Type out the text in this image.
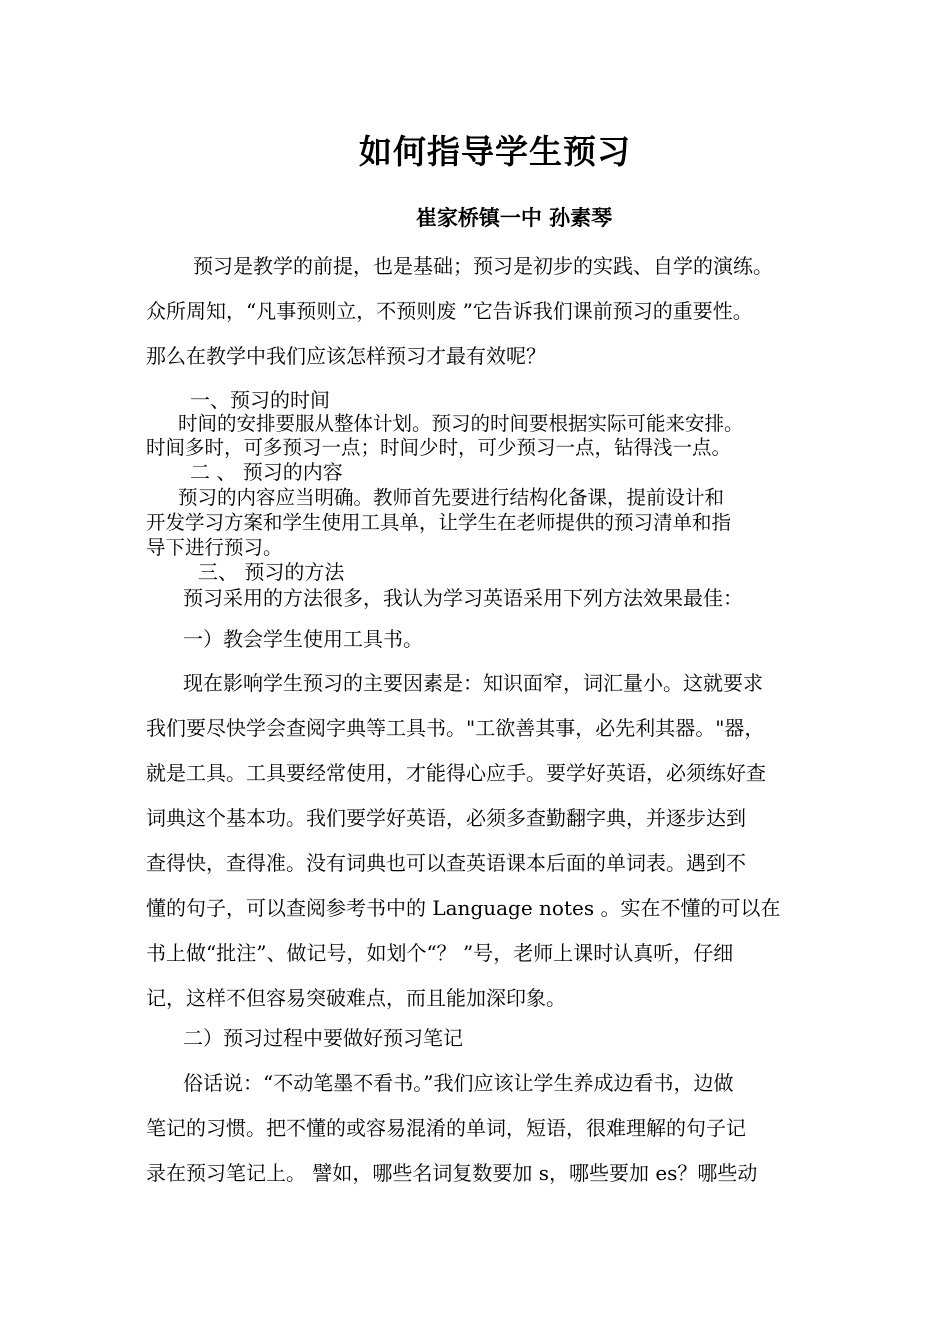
如何指导学生预习
崔家桥镇一中 孙素琴
预习是教学的前提，也是基础；预习是初步的实践、自学的演练。
众所周知，“凡事预则立，不预则废 ”它告诉我们课前预习的重要性。
那么在教学中我们应该怎样预习才最有效呢？
一、预习的时间
时间的安排要服从整体计划。预习的时间要根据实际可能来安排。
时间多时，可多预习一点；时间少时，可少预习一点，钻得浅一点。
二 、 预习的内容
预习的内容应当明确。教师首先要进行结构化备课，提前设计和
开发学习方案和学生使用工具单，让学生在老师提供的预习清单和指
导下进行预习。
三、 预习的方法
预习采用的方法很多，我认为学习英语采用下列方法效果最佳：
一）教会学生使用工具书。
现在影响学生预习的主要因素是：知识面窄，词汇量小。这就要求
我们要尽快学会查阅字典等工具书。"工欲善其事，必先利其器。"器，
就是工具。工具要经常使用，才能得心应手。要学好英语，必须练好查
词典这个基本功。我们要学好英语，必须多查勤翻字典，并逐步达到
查得快，查得准。没有词典也可以查英语课本后面的单词表。遇到不
懂的句子，可以查阅参考书中的 Language notes 。实在不懂的可以在
书上做“批注”、做记号，如划个“？ ”号，老师上课时认真听，仔细
记，这样不但容易突破难点，而且能加深印象。
二）预习过程中要做好预习笔记
俗话说：“不动笔墨不看书。”我们应该让学生养成边看书，边做
笔记的习惯。把不懂的或容易混淆的单词，短语，很难理解的句子记
录在预习笔记上。 譬如，哪些名词复数要加 s，哪些要加 es？哪些动
